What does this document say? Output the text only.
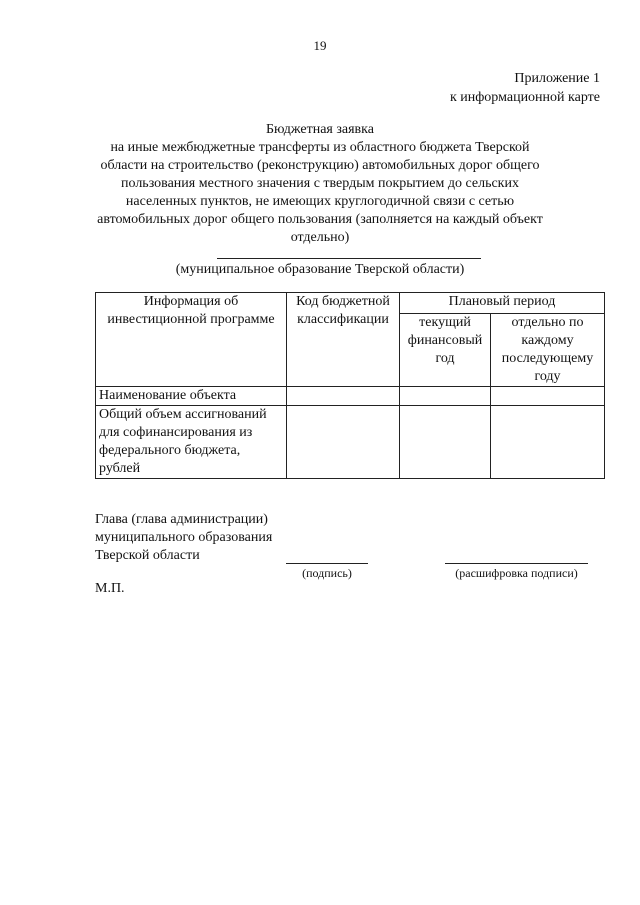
19
Приложение 1
к информационной карте
Бюджетная заявка
на иные межбюджетные трансферты из областного бюджета Тверской
области на строительство (реконструкцию) автомобильных дорог общего
пользования местного значения с твердым покрытием до сельских
населенных пунктов, не имеющих круглогодичной связи с сетью
автомобильных дорог общего пользования (заполняется на каждый объект
отдельно)
(муниципальное образование Тверской области)
Информация об инвестиционной программе	Код бюджетной классификации	Плановый период	
		текущий финансовый год	отдельно по каждому последующему году
Наименование объекта			
Общий объем ассигнований для софинансирования из федерального бюджета, рублей			
Глава (глава администрации)
муниципального образования
Тверской области
(подпись)	(расшифровка подписи)
М.П.
